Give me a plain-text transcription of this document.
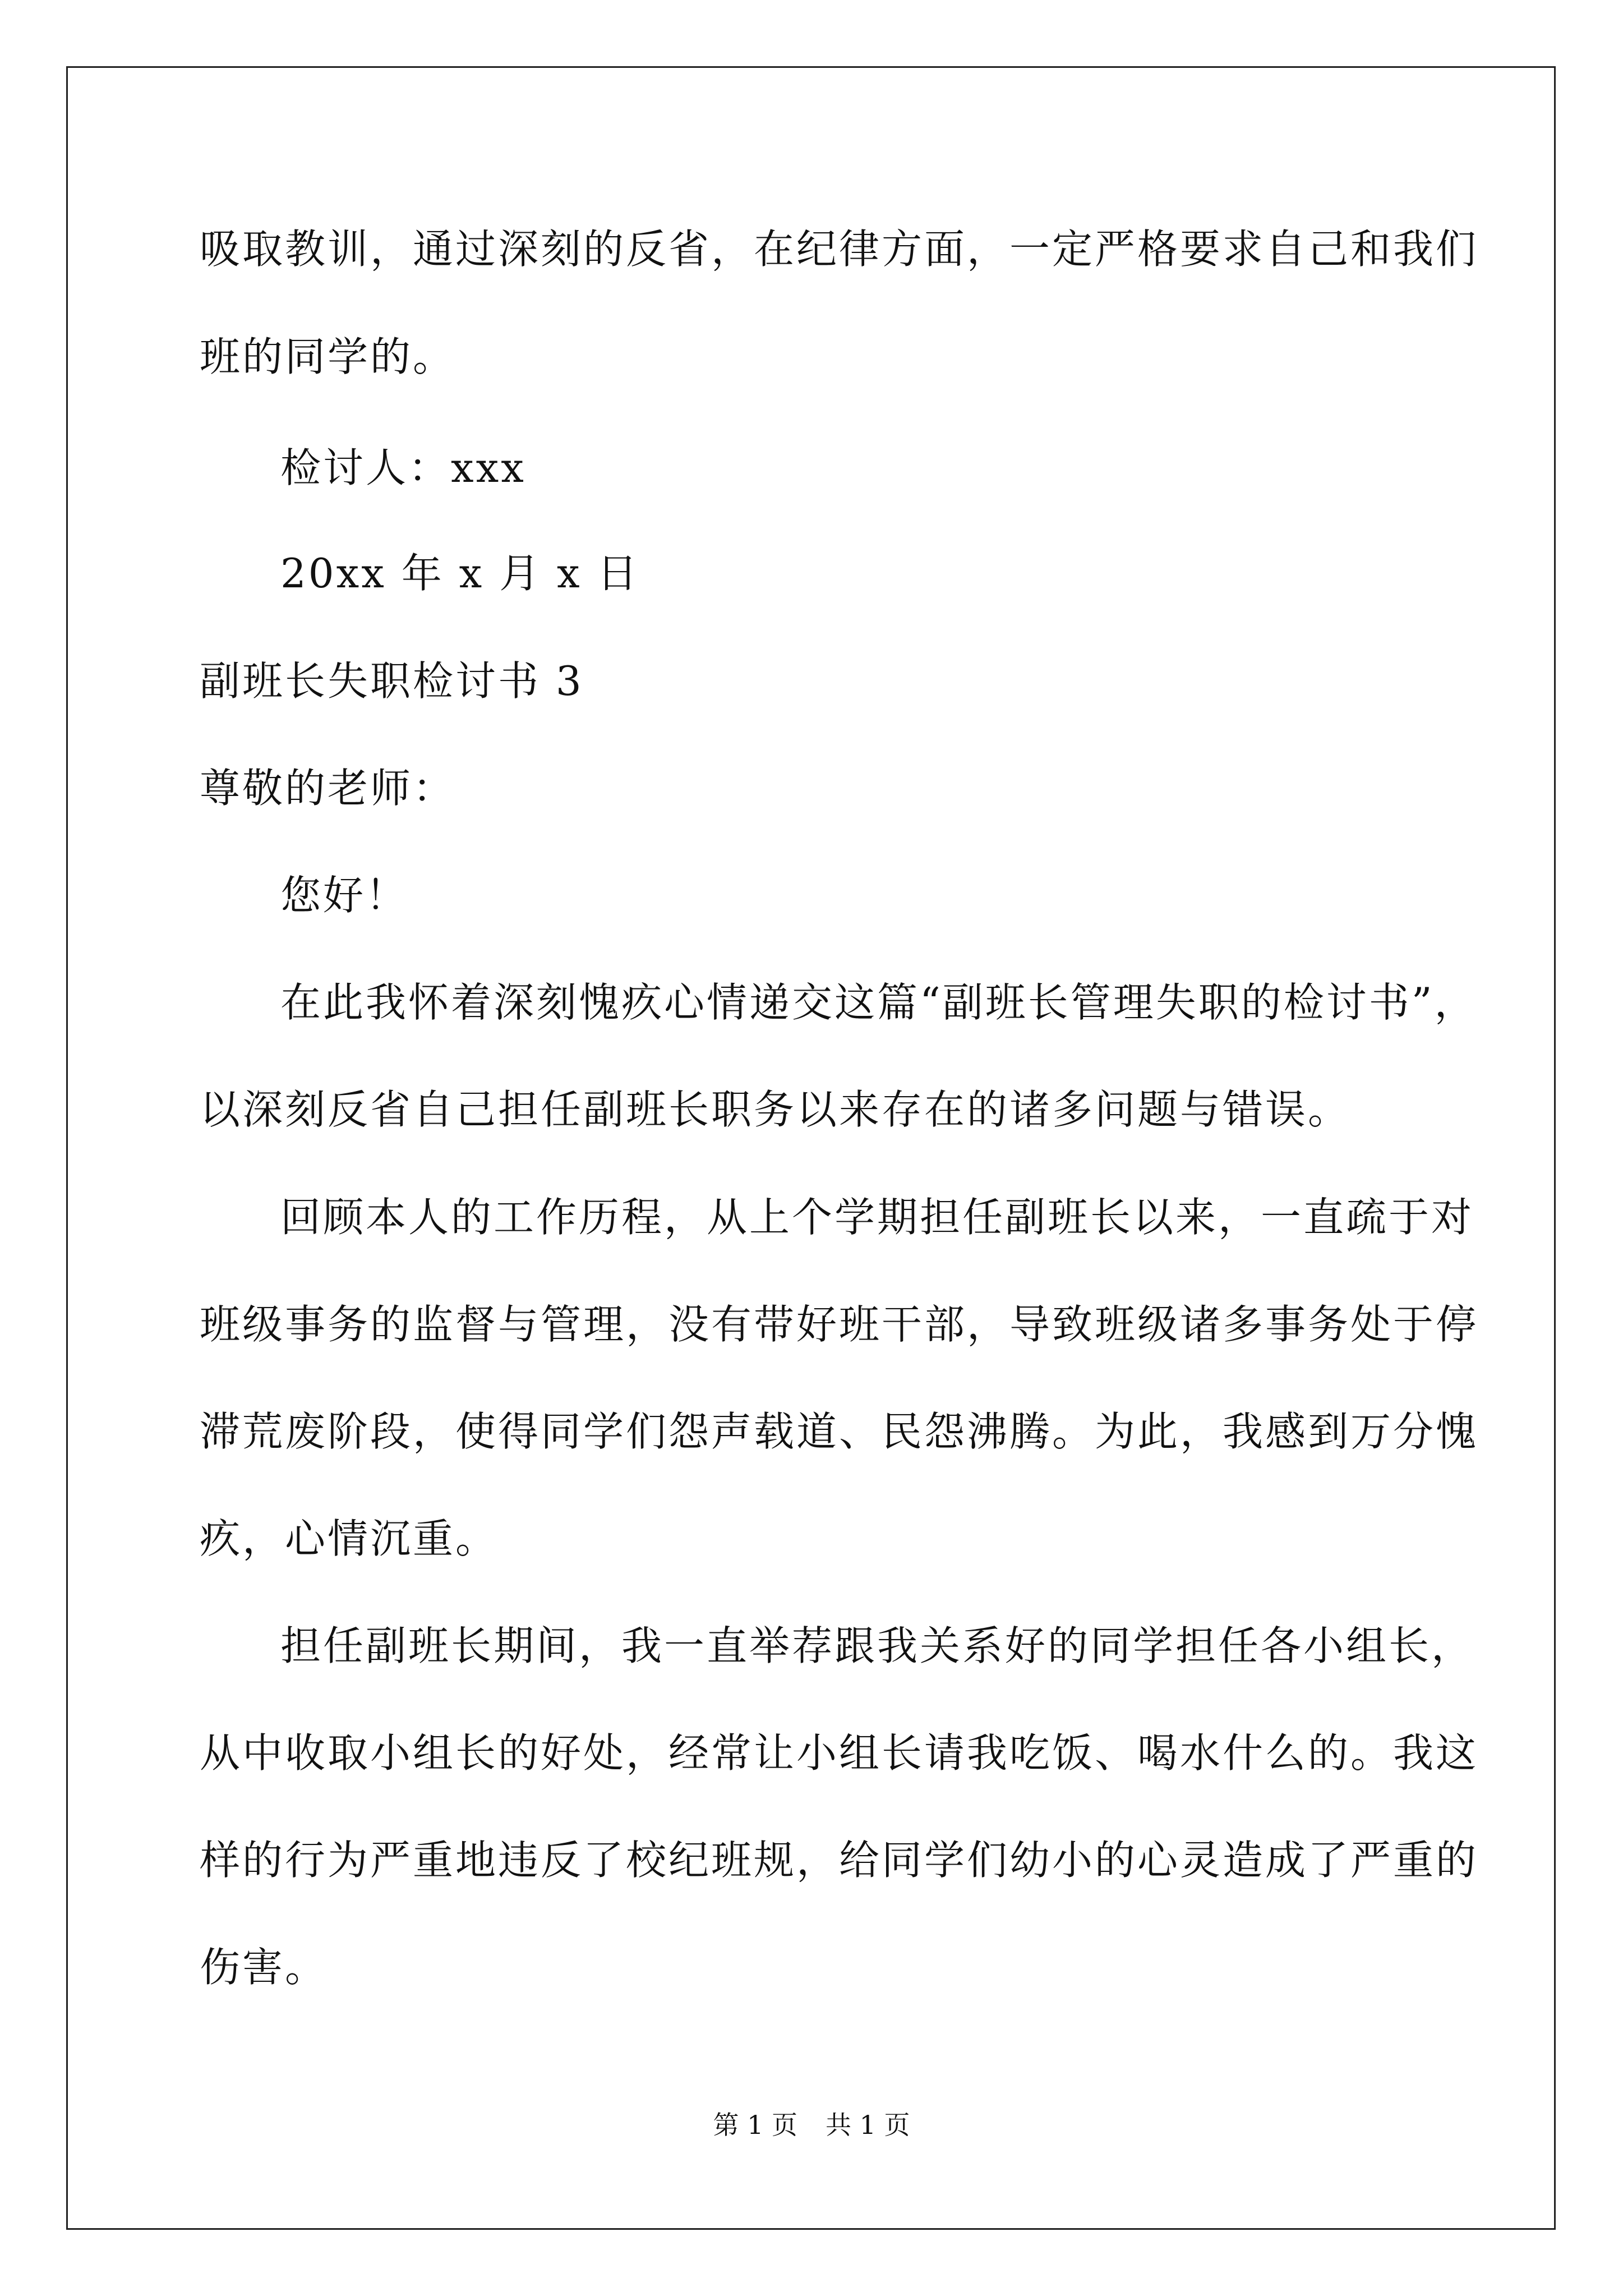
吸取教训，通过深刻的反省，在纪律方面，一定严格要求自己和我们

班的同学的。

检讨人：xxx

20xx 年 x 月 x 日

副班长失职检讨书 3

尊敬的老师：

您好！

在此我怀着深刻愧疚心情递交这篇“副班长管理失职的检讨书”，

以深刻反省自己担任副班长职务以来存在的诸多问题与错误。

回顾本人的工作历程，从上个学期担任副班长以来，一直疏于对

班级事务的监督与管理，没有带好班干部，导致班级诸多事务处于停

滞荒废阶段，使得同学们怨声载道、民怨沸腾。为此，我感到万分愧

疚，心情沉重。

担任副班长期间，我一直举荐跟我关系好的同学担任各小组长，

从中收取小组长的好处，经常让小组长请我吃饭、喝水什么的。我这

样的行为严重地违反了校纪班规，给同学们幼小的心灵造成了严重的

伤害。

第 1 页 共 1 页
